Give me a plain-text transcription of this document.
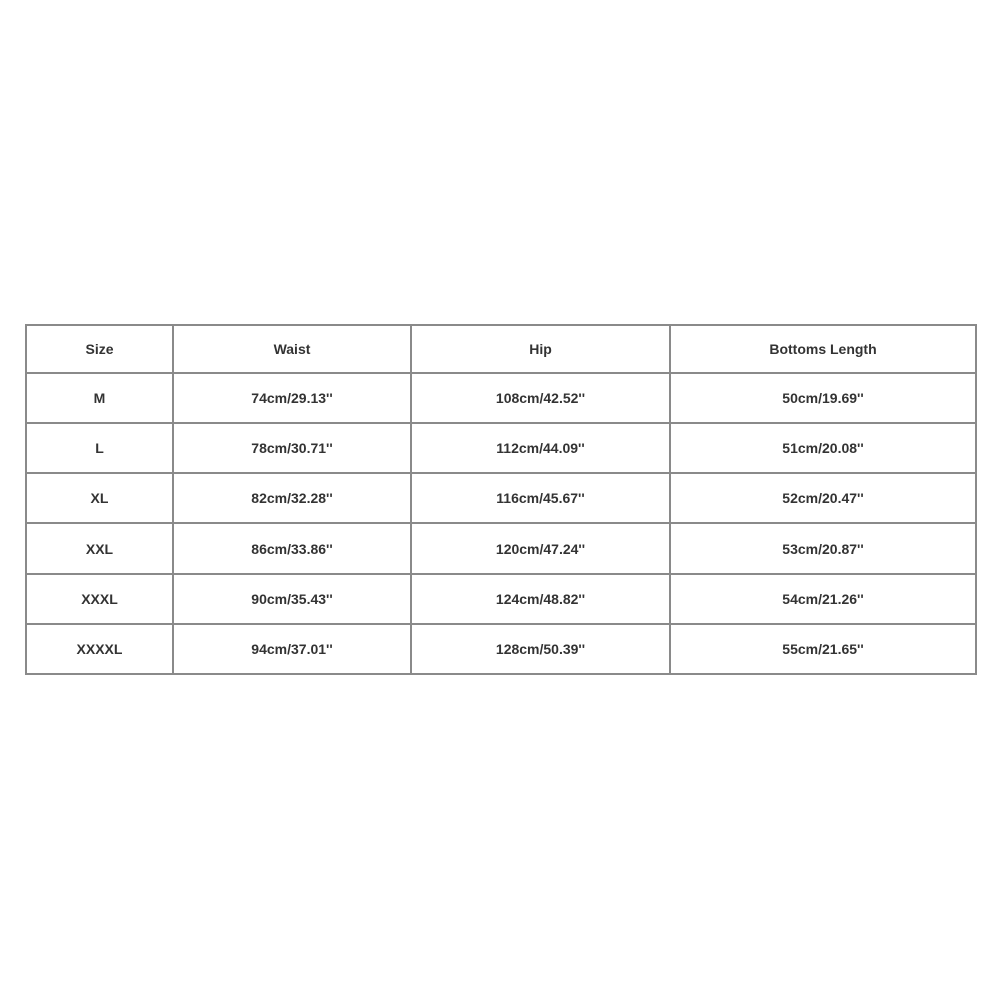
Size	Waist	Hip	Bottoms Length
M	74cm/29.13''	108cm/42.52''	50cm/19.69''
L	78cm/30.71''	112cm/44.09''	51cm/20.08''
XL	82cm/32.28''	116cm/45.67''	52cm/20.47''
XXL	86cm/33.86''	120cm/47.24''	53cm/20.87''
XXXL	90cm/35.43''	124cm/48.82''	54cm/21.26''
XXXXL	94cm/37.01''	128cm/50.39''	55cm/21.65''
